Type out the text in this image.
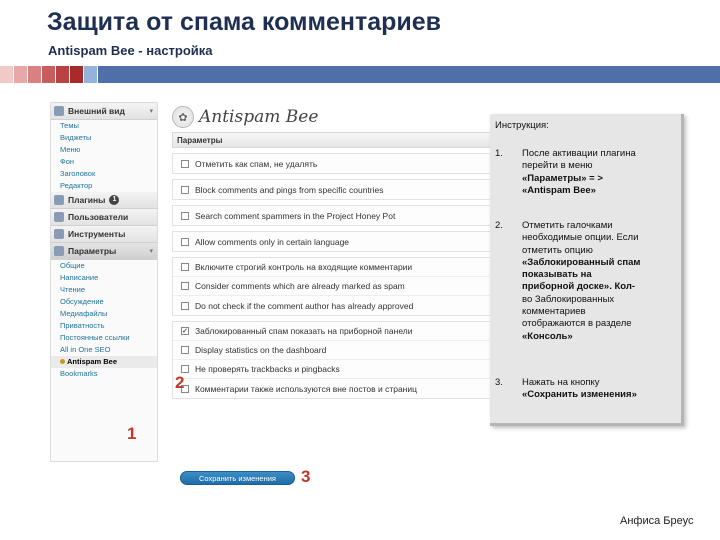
Защита от спама комментариев
Antispam Bee - настройка
Внешний вид	▾
Темы
Виджеты
Меню
Фон
Заголовок
Редактор
Плагины	1
Пользователи
Инструменты
Параметры	▾
Общие
Написание
Чтение
Обсуждение
Медиафайлы
Приватность
Постоянные ссылки
All in One SEO
Antispam Bee
Bookmarks
✿ Antispam Bee
Параметры
Отметить как спам, не удалять
Block comments and pings from specific countries
Search comment spammers in the Project Honey Pot
Allow comments only in certain language
Включите строгий контроль на входящие комментарии
Consider comments which are already marked as spam
Do not check if the comment author has already approved
✓ Заблокированный спам показать на приборной панели
Display statistics on the dashboard
Не проверять trackbacks и pingbacks
Комментарии также используются вне постов и страниц
Сохранить изменения
1
2
3
Инструкция:
1.	После активации плагина
перейти в меню
«Параметры» = >
«Antispam Bee»
2.	Отметить галочками
необходимые опции. Если
отметить опцию
«Заблокированный спам
показывать на
приборной доске». Кол-
во Заблокированных
комментариев
отображаются в разделе
«Консоль»
3.	Нажать на кнопку
«Сохранить изменения»
Анфиса Бреус
